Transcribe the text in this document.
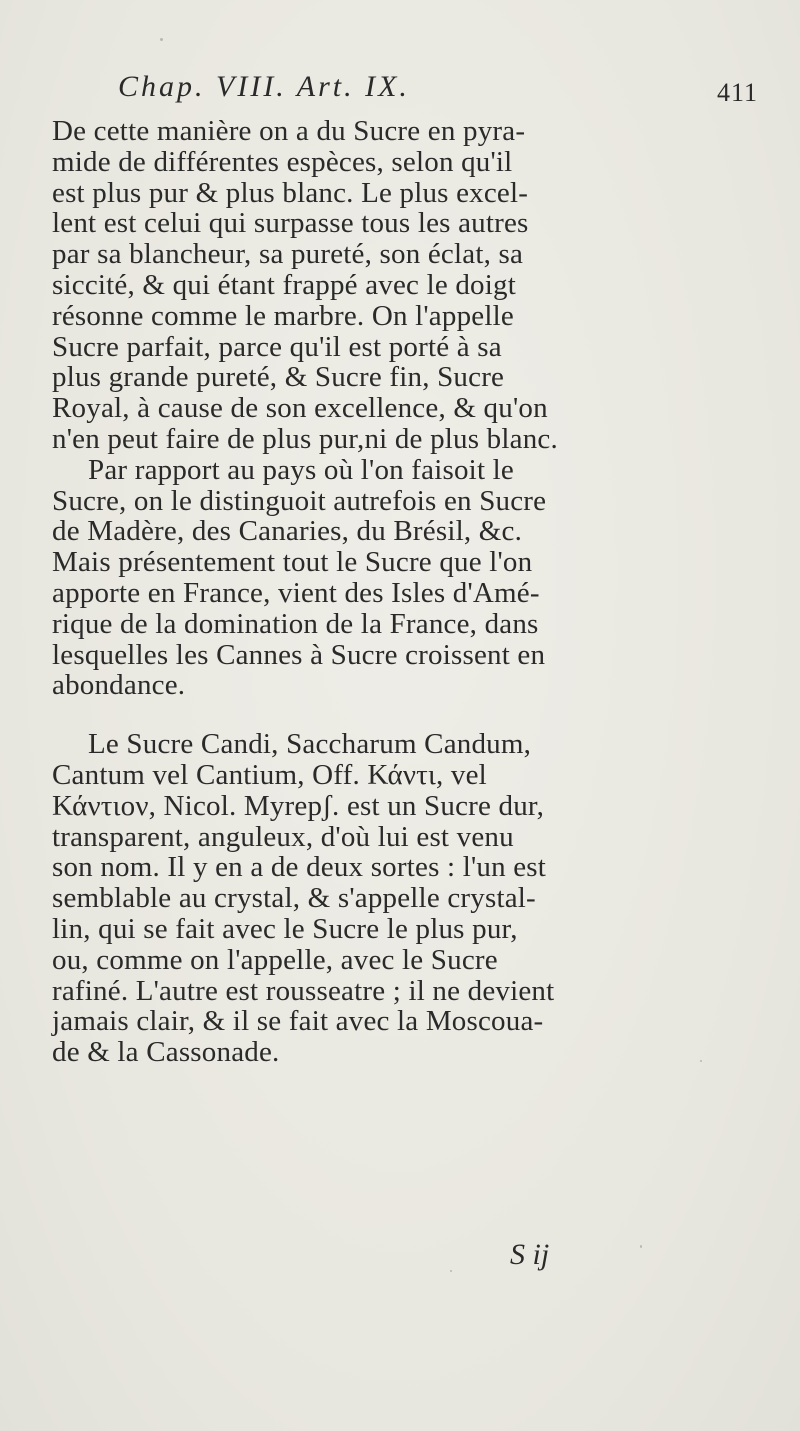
Chap. VIII. Art. IX.	411
De cette manière on a du Sucre en pyra-
mide de différentes espèces, selon qu'il
est plus pur & plus blanc. Le plus excel-
lent est celui qui surpasse tous les autres
par sa blancheur, sa pureté, son éclat, sa
siccité, & qui étant frappé avec le doigt
résonne comme le marbre. On l'appelle
Sucre parfait, parce qu'il est porté à sa
plus grande pureté, & Sucre fin, Sucre
Royal, à cause de son excellence, & qu'on
n'en peut faire de plus pur,ni de plus blanc.
Par rapport au pays où l'on faisoit le
Sucre, on le distinguoit autrefois en Sucre
de Madère, des Canaries, du Brésil, &c.
Mais présentement tout le Sucre que l'on
apporte en France, vient des Isles d'Amé-
rique de la domination de la France, dans
lesquelles les Cannes à Sucre croissent en
abondance.
Le Sucre Candi, Saccharum Candum,
Cantum vel Cantium, Off. Κάντι, vel
Κάντιον, Nicol. Myrepʃ. est un Sucre dur,
transparent, anguleux, d'où lui est venu
son nom. Il y en a de deux sortes : l'un est
semblable au crystal, & s'appelle crystal-
lin, qui se fait avec le Sucre le plus pur,
ou, comme on l'appelle, avec le Sucre
rafiné. L'autre est rousseatre ; il ne devient
jamais clair, & il se fait avec la Moscoua-
de & la Cassonade.
S ij
